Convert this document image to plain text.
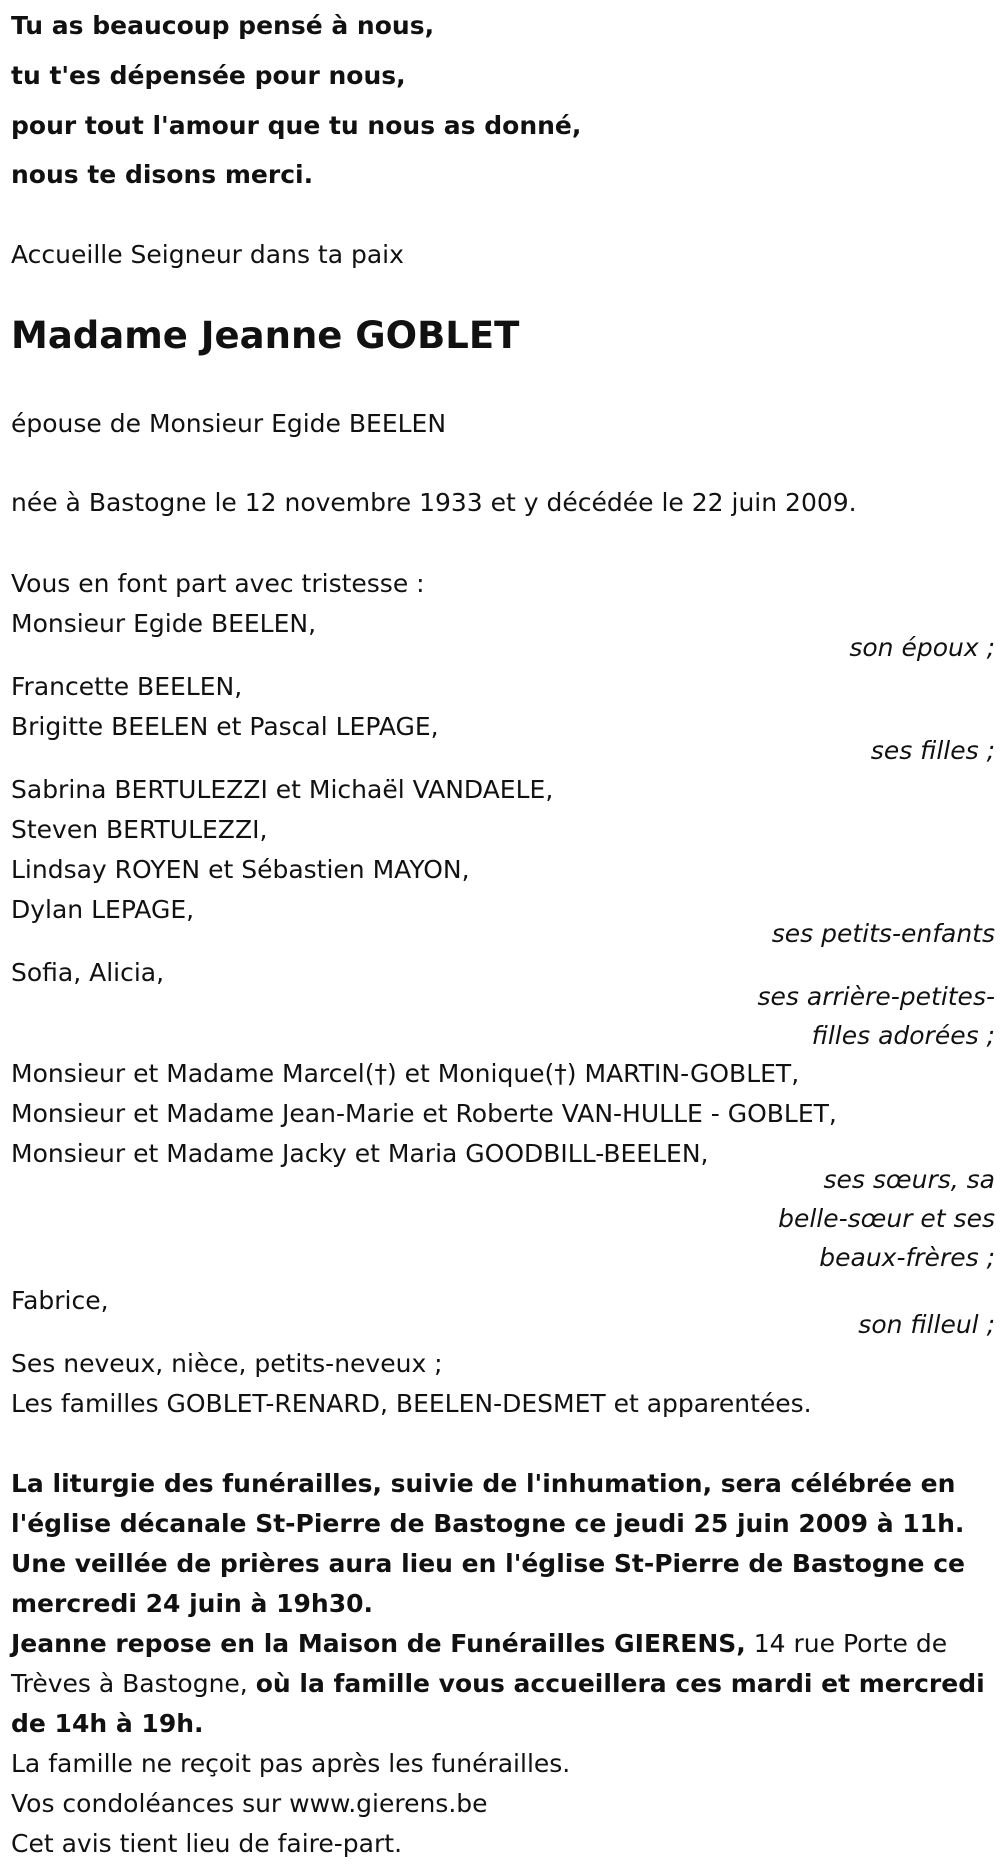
Tu as beaucoup pensé à nous,
tu t'es dépensée pour nous,
pour tout l'amour que tu nous as donné,
nous te disons merci.
Accueille Seigneur dans ta paix
Madame Jeanne GOBLET
épouse de Monsieur Egide BEELEN
née à Bastogne le 12 novembre 1933 et y décédée le 22 juin 2009.
Vous en font part avec tristesse :
Monsieur Egide BEELEN,
son époux ;
Francette BEELEN,
Brigitte BEELEN et Pascal LEPAGE,
ses filles ;
Sabrina BERTULEZZI et Michaël VANDAELE,
Steven BERTULEZZI,
Lindsay ROYEN et Sébastien MAYON,
Dylan LEPAGE,
ses petits-enfants
Sofia, Alicia,
ses arrière-petites-
filles adorées ;
Monsieur et Madame Marcel(†) et Monique(†) MARTIN-GOBLET,
Monsieur et Madame Jean-Marie et Roberte VAN-HULLE - GOBLET,
Monsieur et Madame Jacky et Maria GOODBILL-BEELEN,
ses sœurs, sa
belle-sœur et ses
beaux-frères ;
Fabrice,
son filleul ;
Ses neveux, nièce, petits-neveux ;
Les familles GOBLET-RENARD, BEELEN-DESMET et apparentées.
La liturgie des funérailles, suivie de l'inhumation, sera célébrée en
l'église décanale St-Pierre de Bastogne ce jeudi 25 juin 2009 à 11h.
Une veillée de prières aura lieu en l'église St-Pierre de Bastogne ce
mercredi 24 juin à 19h30.
Jeanne repose en la Maison de Funérailles GIERENS, 14 rue Porte de
Trèves à Bastogne, où la famille vous accueillera ces mardi et mercredi
de 14h à 19h.
La famille ne reçoit pas après les funérailles.
Vos condoléances sur www.gierens.be
Cet avis tient lieu de faire-part.
